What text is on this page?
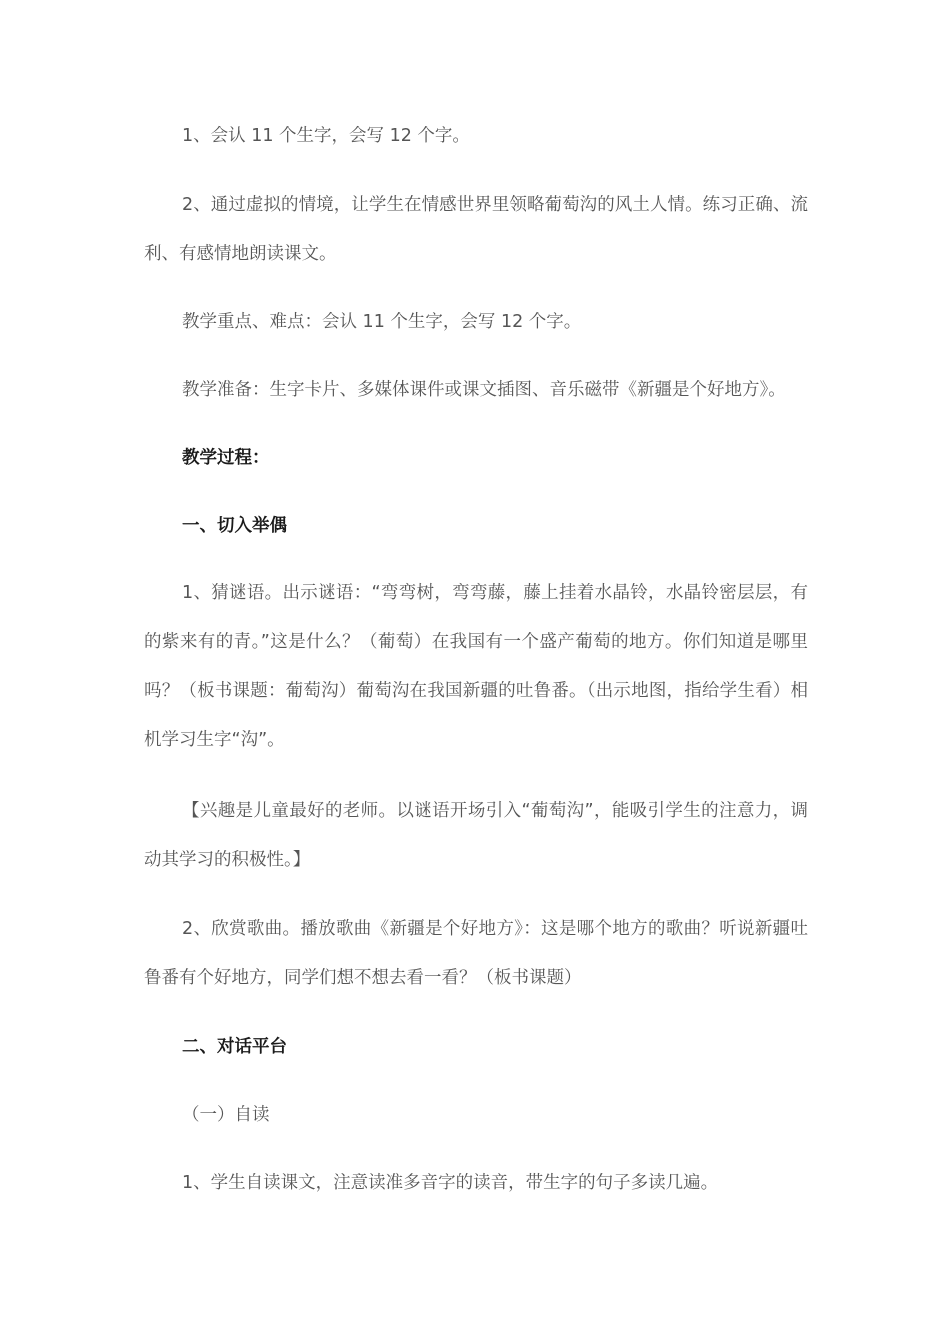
1、会认 11 个生字，会写 12 个字。

2、通过虚拟的情境，让学生在情感世界里领略葡萄沟的风土人情。练习正确、流利、有感情地朗读课文。

教学重点、难点：会认 11 个生字，会写 12 个字。

教学准备：生字卡片、多媒体课件或课文插图、音乐磁带《新疆是个好地方》。

教学过程：

一、切入举偶

1、猜谜语。出示谜语：“弯弯树，弯弯藤，藤上挂着水晶铃，水晶铃密层层，有的紫来有的青。”这是什么？（葡萄）在我国有一个盛产葡萄的地方。你们知道是哪里吗？（板书课题：葡萄沟）葡萄沟在我国新疆的吐鲁番。（出示地图，指给学生看）相机学习生字“沟”。

【兴趣是儿童最好的老师。以谜语开场引入“葡萄沟”，能吸引学生的注意力，调动其学习的积极性。】

2、欣赏歌曲。播放歌曲《新疆是个好地方》：这是哪个地方的歌曲？听说新疆吐鲁番有个好地方，同学们想不想去看一看？（板书课题）

二、对话平台

（一）自读

1、学生自读课文，注意读准多音字的读音，带生字的句子多读几遍。
